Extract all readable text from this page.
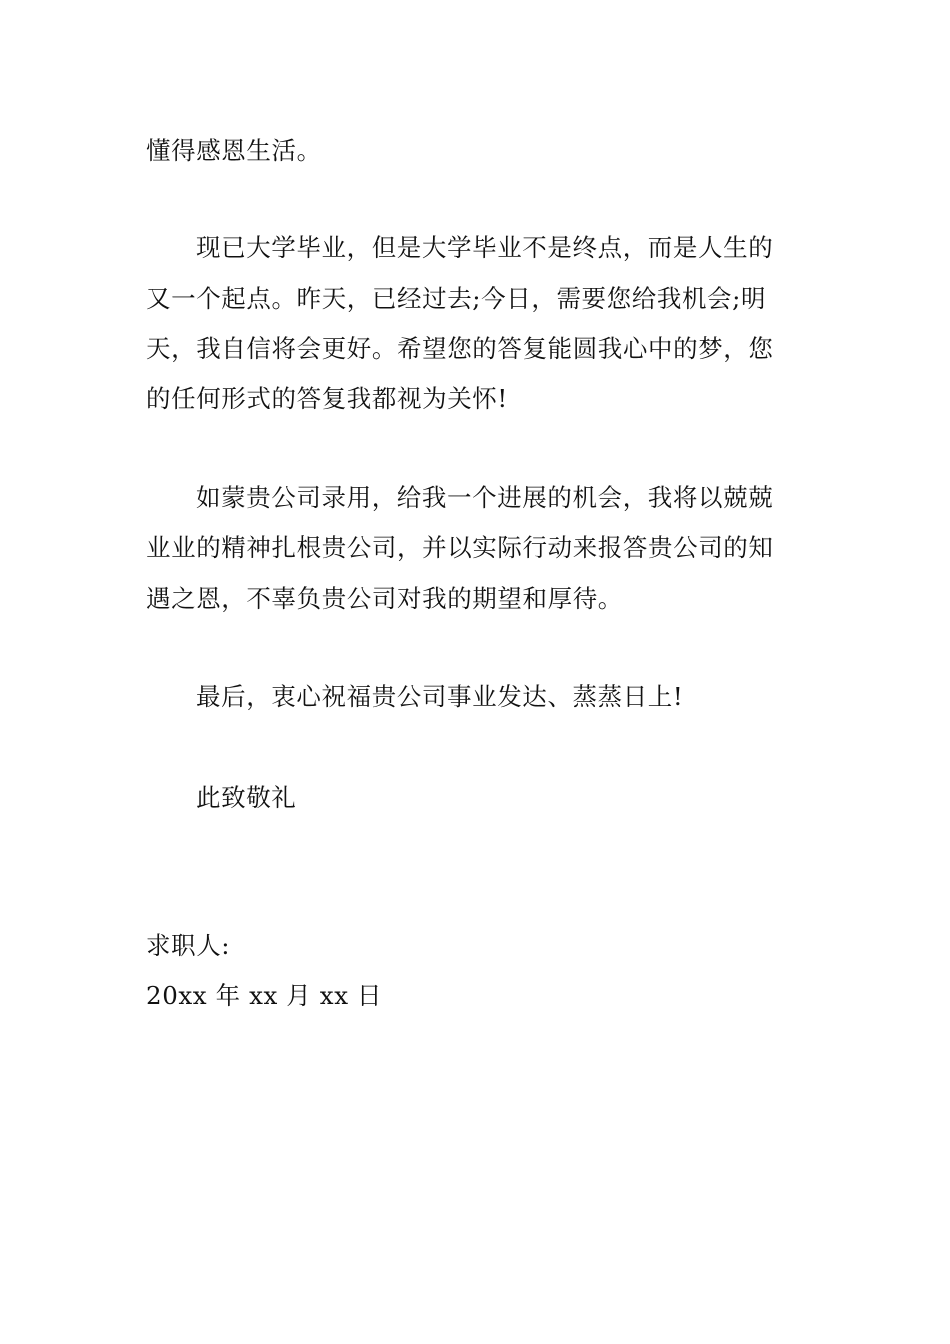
懂得感恩生活。
现已大学毕业，但是大学毕业不是终点，而是人生的
又一个起点。昨天，已经过去;今日，需要您给我机会;明
天，我自信将会更好。希望您的答复能圆我心中的梦，您
的任何形式的答复我都视为关怀!
如蒙贵公司录用，给我一个进展的机会，我将以兢兢
业业的精神扎根贵公司，并以实际行动来报答贵公司的知
遇之恩，不辜负贵公司对我的期望和厚待。
最后，衷心祝福贵公司事业发达、蒸蒸日上!
此致敬礼
求职人:
20xx 年 xx 月 xx 日
